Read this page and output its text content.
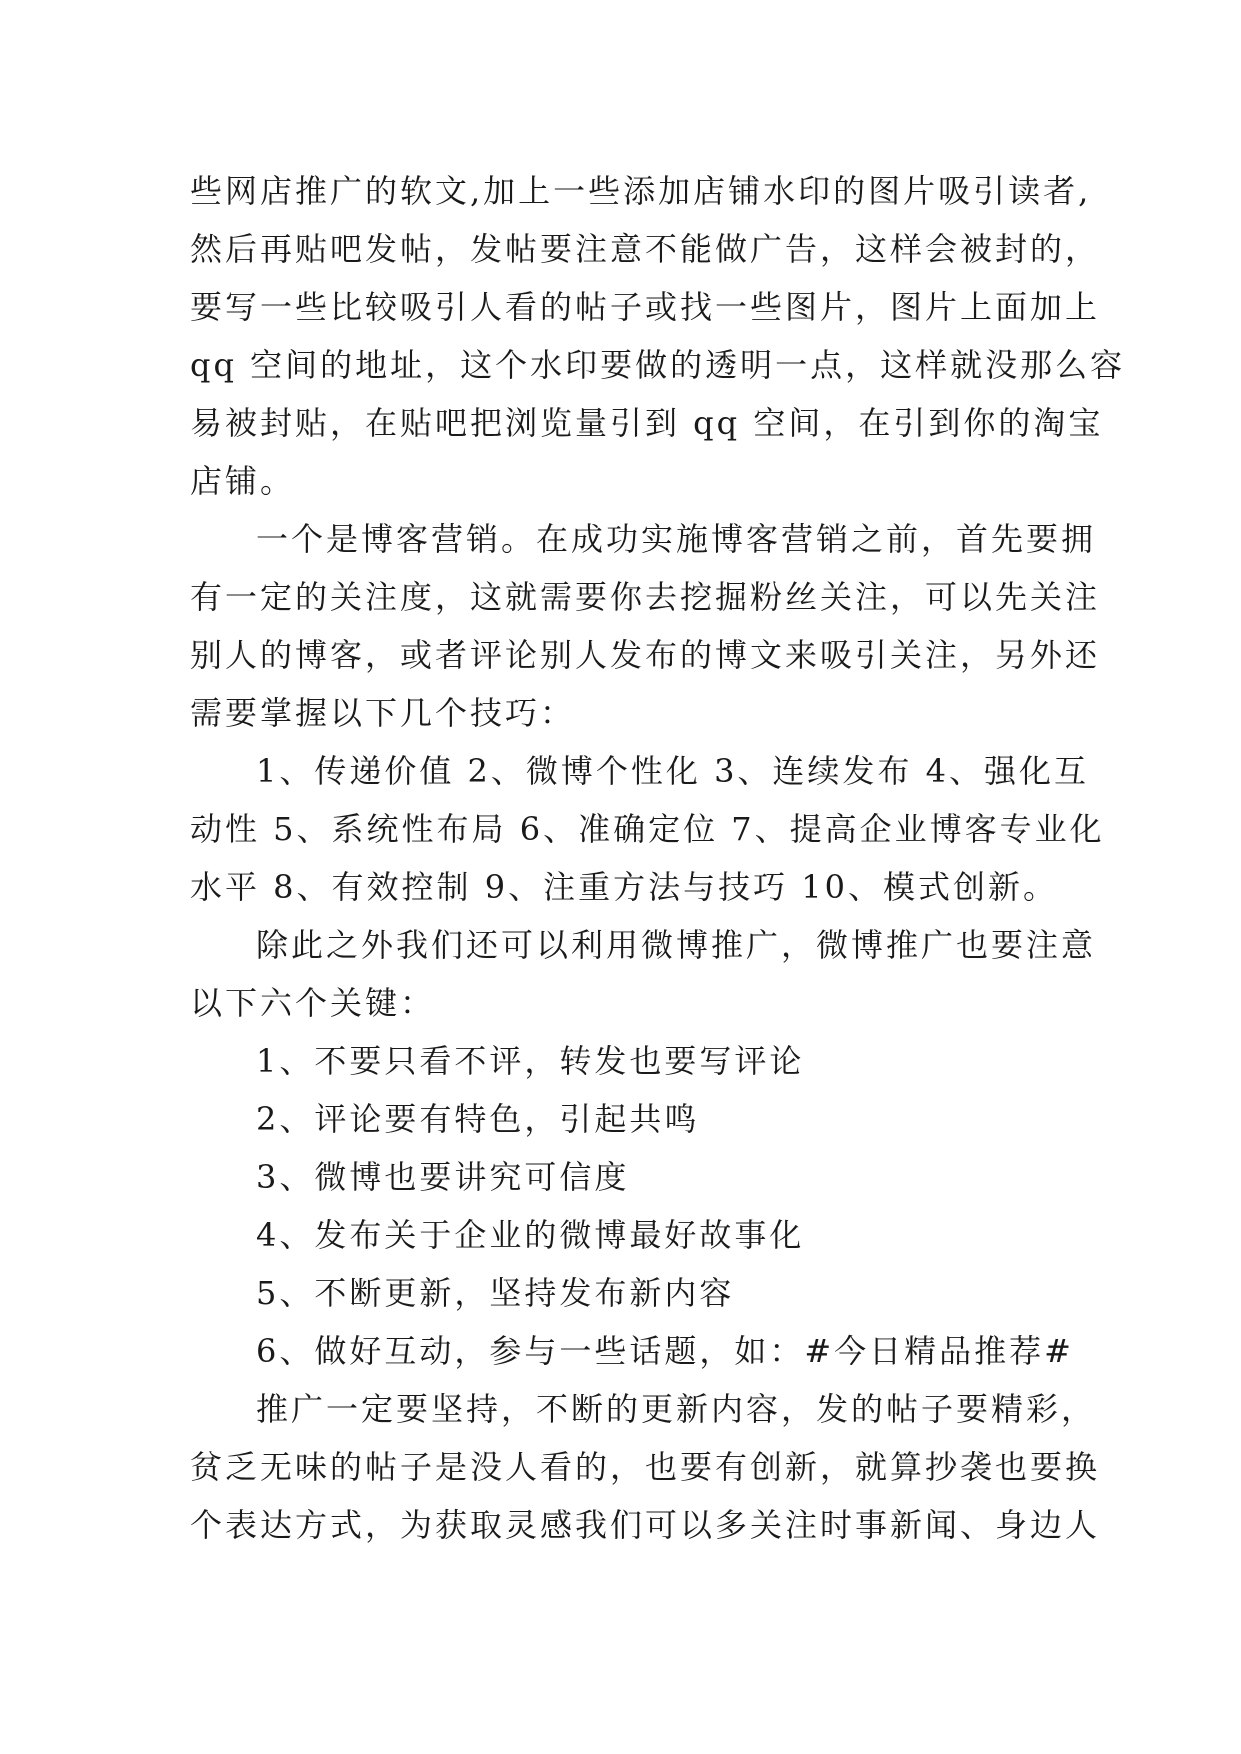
些网店推广的软文,加上一些添加店铺水印的图片吸引读者,
然后再贴吧发帖，发帖要注意不能做广告，这样会被封的，
要写一些比较吸引人看的帖子或找一些图片，图片上面加上
qq 空间的地址，这个水印要做的透明一点，这样就没那么容
易被封贴，在贴吧把浏览量引到 qq 空间，在引到你的淘宝
店铺。
一个是博客营销。在成功实施博客营销之前，首先要拥
有一定的关注度，这就需要你去挖掘粉丝关注，可以先关注
别人的博客，或者评论别人发布的博文来吸引关注，另外还
需要掌握以下几个技巧：
1、传递价值 2、微博个性化 3、连续发布 4、强化互
动性 5、系统性布局 6、准确定位 7、提高企业博客专业化
水平 8、有效控制 9、注重方法与技巧 10、模式创新。
除此之外我们还可以利用微博推广，微博推广也要注意
以下六个关键：
1、不要只看不评，转发也要写评论
2、评论要有特色，引起共鸣
3、微博也要讲究可信度
4、发布关于企业的微博最好故事化
5、不断更新，坚持发布新内容
6、做好互动，参与一些话题，如：#今日精品推荐#
推广一定要坚持，不断的更新内容，发的帖子要精彩，
贫乏无味的帖子是没人看的，也要有创新，就算抄袭也要换
个表达方式，为获取灵感我们可以多关注时事新闻、身边人
